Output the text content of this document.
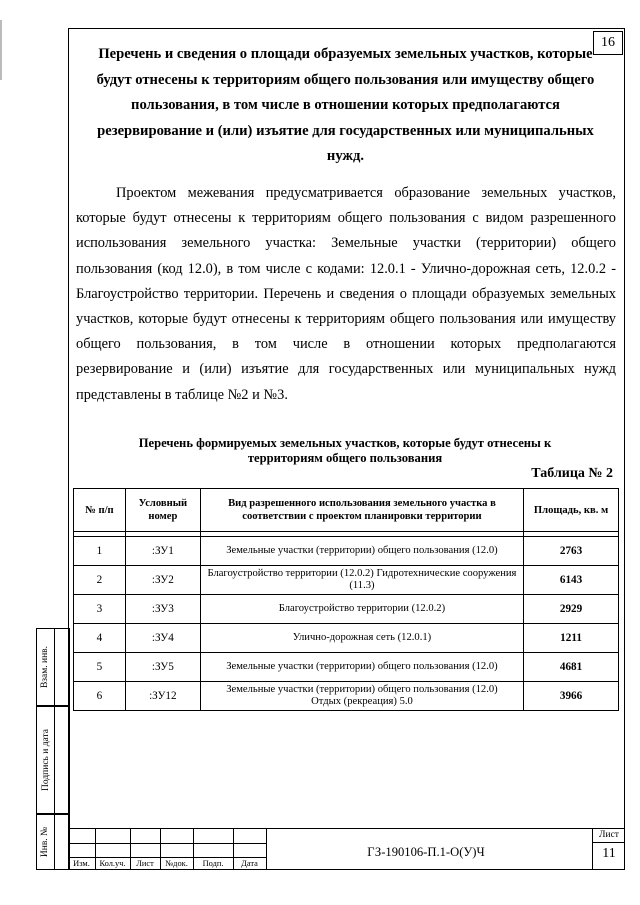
16
Перечень и сведения о площади образуемых земельных участков, которые
будут отнесены к территориям общего пользования или имуществу общего
пользования, в том числе в отношении которых предполагаются
резервирование и (или) изъятие для государственных или муниципальных
нужд.
Проектом межевания предусматривается образование земельных участков, которые будут отнесены к территориям общего пользования с видом разрешенного использования земельного участка: Земельные участки (территории) общего пользования (код 12.0), в том числе с кодами: 12.0.1 - Улично-дорожная сеть, 12.0.2 - Благоустройство территории. Перечень и сведения о площади образуемых земельных участков, которые будут отнесены к территориям общего пользования или имуществу общего пользования, в том числе в отношении которых предполагаются резервирование и (или) изъятие для государственных или муниципальных нужд представлены в таблице №2 и №3.
Перечень формируемых земельных участков, которые будут отнесены к
территориям общего пользования
Таблица № 2
№ п/п	Условный номер	Вид разрешенного использования земельного участка в соответствии с проектом планировки территории	Площадь, кв. м

1	:ЗУ1	Земельные участки (территории) общего пользования (12.0)	2763
2	:ЗУ2	Благоустройство территории (12.0.2) Гидротехнические сооружения
(11.3)	6143
3	:ЗУ3	Благоустройство территории (12.0.2)	2929
4	:ЗУ4	Улично-дорожная сеть (12.0.1)	1211
5	:ЗУ5	Земельные участки (территории) общего пользования (12.0)	4681
6	:ЗУ12	Земельные участки (территории) общего пользования (12.0)
Отдых (рекреация) 5.0	3966
Взам. инв.
Подпись и дата
Инв. №
Изм.	Кол.уч.	Лист	№док.	Подп.	Дата
ГЗ-190106-П.1-О(У)Ч
Лист
11
